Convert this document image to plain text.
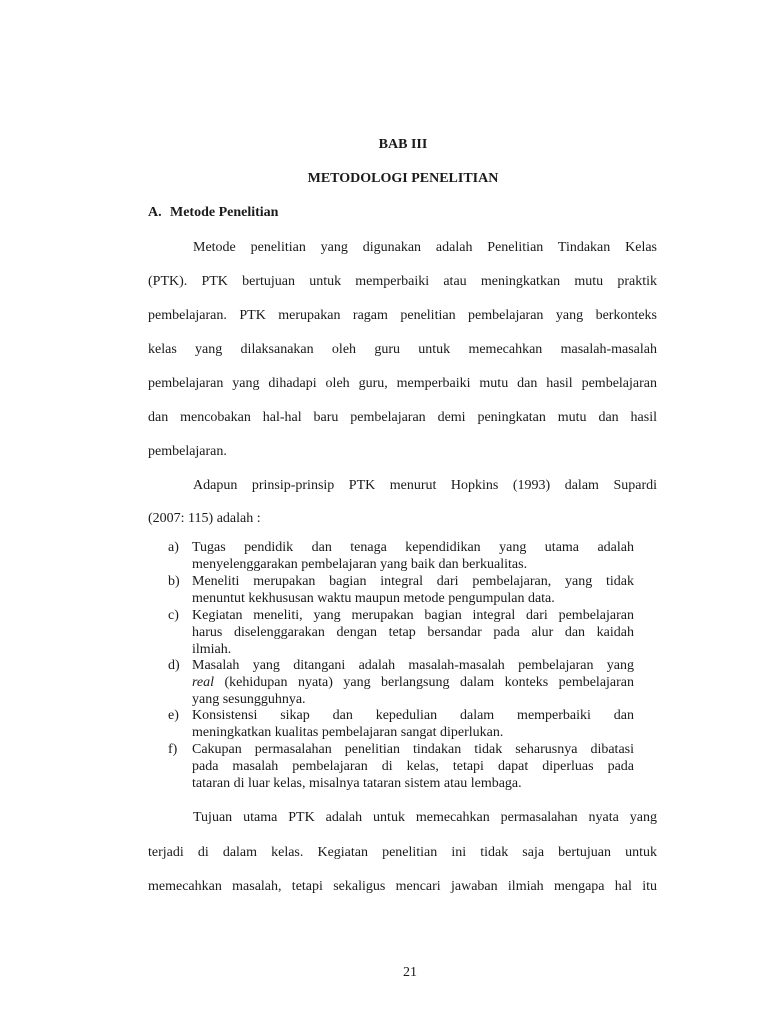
BAB III
METODOLOGI PENELITIAN
A. Metode Penelitian
Metode penelitian yang digunakan adalah Penelitian Tindakan Kelas
(PTK). PTK bertujuan untuk memperbaiki atau meningkatkan mutu praktik
pembelajaran. PTK merupakan ragam penelitian pembelajaran yang berkonteks
kelas yang dilaksanakan oleh guru untuk memecahkan masalah-masalah
pembelajaran yang dihadapi oleh guru, memperbaiki mutu dan hasil pembelajaran
dan mencobakan hal-hal baru pembelajaran demi peningkatan mutu dan hasil
pembelajaran.
Adapun prinsip-prinsip PTK menurut Hopkins (1993) dalam Supardi
(2007: 115) adalah :
a) Tugas pendidik dan tenaga kependidikan yang utama adalah
menyelenggarakan pembelajaran yang baik dan berkualitas.
b) Meneliti merupakan bagian integral dari pembelajaran, yang tidak
menuntut kekhususan waktu maupun metode pengumpulan data.
c) Kegiatan meneliti, yang merupakan bagian integral dari pembelajaran
harus diselenggarakan dengan tetap bersandar pada alur dan kaidah
ilmiah.
d) Masalah yang ditangani adalah masalah-masalah pembelajaran yang
real (kehidupan nyata) yang berlangsung dalam konteks pembelajaran
yang sesungguhnya.
e) Konsistensi sikap dan kepedulian dalam memperbaiki dan
meningkatkan kualitas pembelajaran sangat diperlukan.
f)	Cakupan permasalahan penelitian tindakan tidak seharusnya dibatasi
pada masalah pembelajaran di kelas, tetapi dapat diperluas pada
tataran di luar kelas, misalnya tataran sistem atau lembaga.
Tujuan utama PTK adalah untuk memecahkan permasalahan nyata yang
terjadi di dalam kelas. Kegiatan penelitian ini tidak saja bertujuan untuk
memecahkan masalah, tetapi sekaligus mencari jawaban ilmiah mengapa hal itu
21
